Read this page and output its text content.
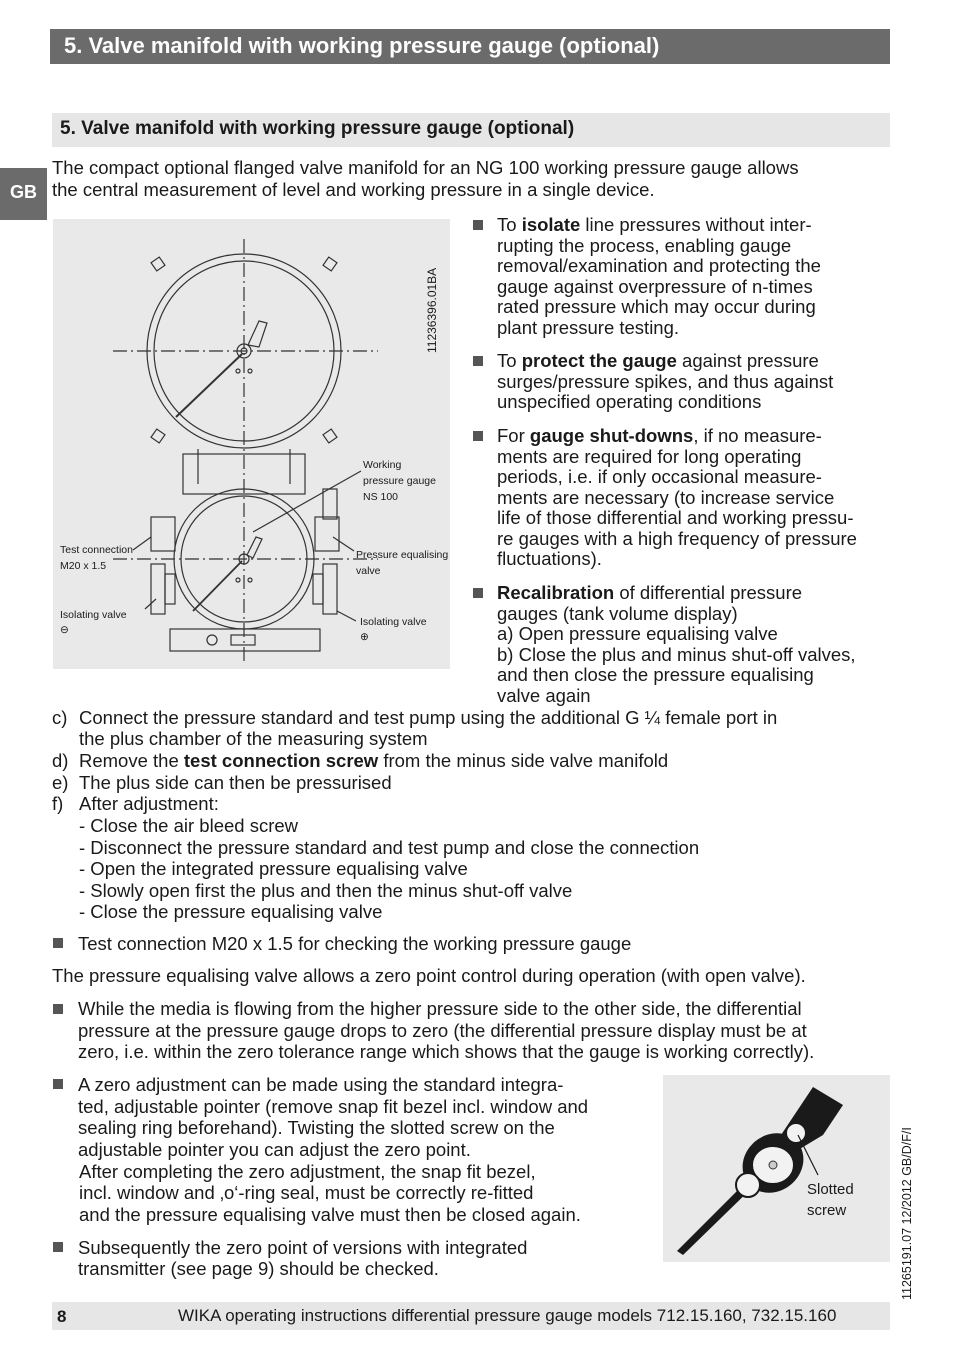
5. Valve manifold with working pressure gauge (optional)
5. Valve manifold with working pressure gauge (optional)
GB
The compact optional flanged valve manifold for an NG 100 working pressure gauge allows
the central measurement of level and working pressure in a single device.
11236396.01BA
Working
pressure gauge
NS 100
Test connection
M20 x 1.5
Pressure equalising
valve
Isolating valve
⊖
Isolating valve
⊕
To isolate line pressures without inter-
rupting the process, enabling gauge
removal/examination and protecting the
gauge against overpressure of n-times
rated pressure which may occur during
plant pressure testing.
To protect the gauge against pressure
surges/pressure spikes, and thus against
unspecified operating conditions
For gauge shut-downs, if no measure-
ments are required for long operating
periods, i.e. if only occasional measure-
ments are necessary (to increase service
life of those differential and working pressu-
re gauges with a high frequency of pressure
fluctuations).
Recalibration of differential pressure
gauges (tank volume display)
a) Open pressure equalising valve
b) Close the plus and minus shut-off valves,
and then close the pressure equalising
valve again
c) Connect the pressure standard and test pump using the additional G ¼ female port in
the plus chamber of the measuring system
d) Remove the test connection screw from the minus side valve manifold
e) The plus side can then be pressurised
f) After adjustment:
- Close the air bleed screw
- Disconnect the pressure standard and test pump and close the connection
- Open the integrated pressure equalising valve
- Slowly open first the plus and then the minus shut-off valve
- Close the pressure equalising valve
Test connection M20 x 1.5 for checking the working pressure gauge
The pressure equalising valve allows a zero point control during operation (with open valve).
While the media is flowing from the higher pressure side to the other side, the differential
pressure at the pressure gauge drops to zero (the differential pressure display must be at
zero, i.e. within the zero tolerance range which shows that the gauge is working correctly).
A zero adjustment can be made using the standard integra-
ted, adjustable pointer (remove snap fit bezel incl. window and
sealing ring beforehand). Twisting the slotted screw on the
adjustable pointer you can adjust the zero point.
After completing the zero adjustment, the snap fit bezel,
incl. window and ‚o‘-ring seal, must be correctly re-fitted
and the pressure equalising valve must then be closed again.
Subsequently the zero point of versions with integrated
transmitter (see page 9) should be checked.
Slotted
screw	1126519​1.07 12/2012 GB/D/F/I
8	WIKA operating instructions differential pressure gauge models 712.15.160, 732.15.160
